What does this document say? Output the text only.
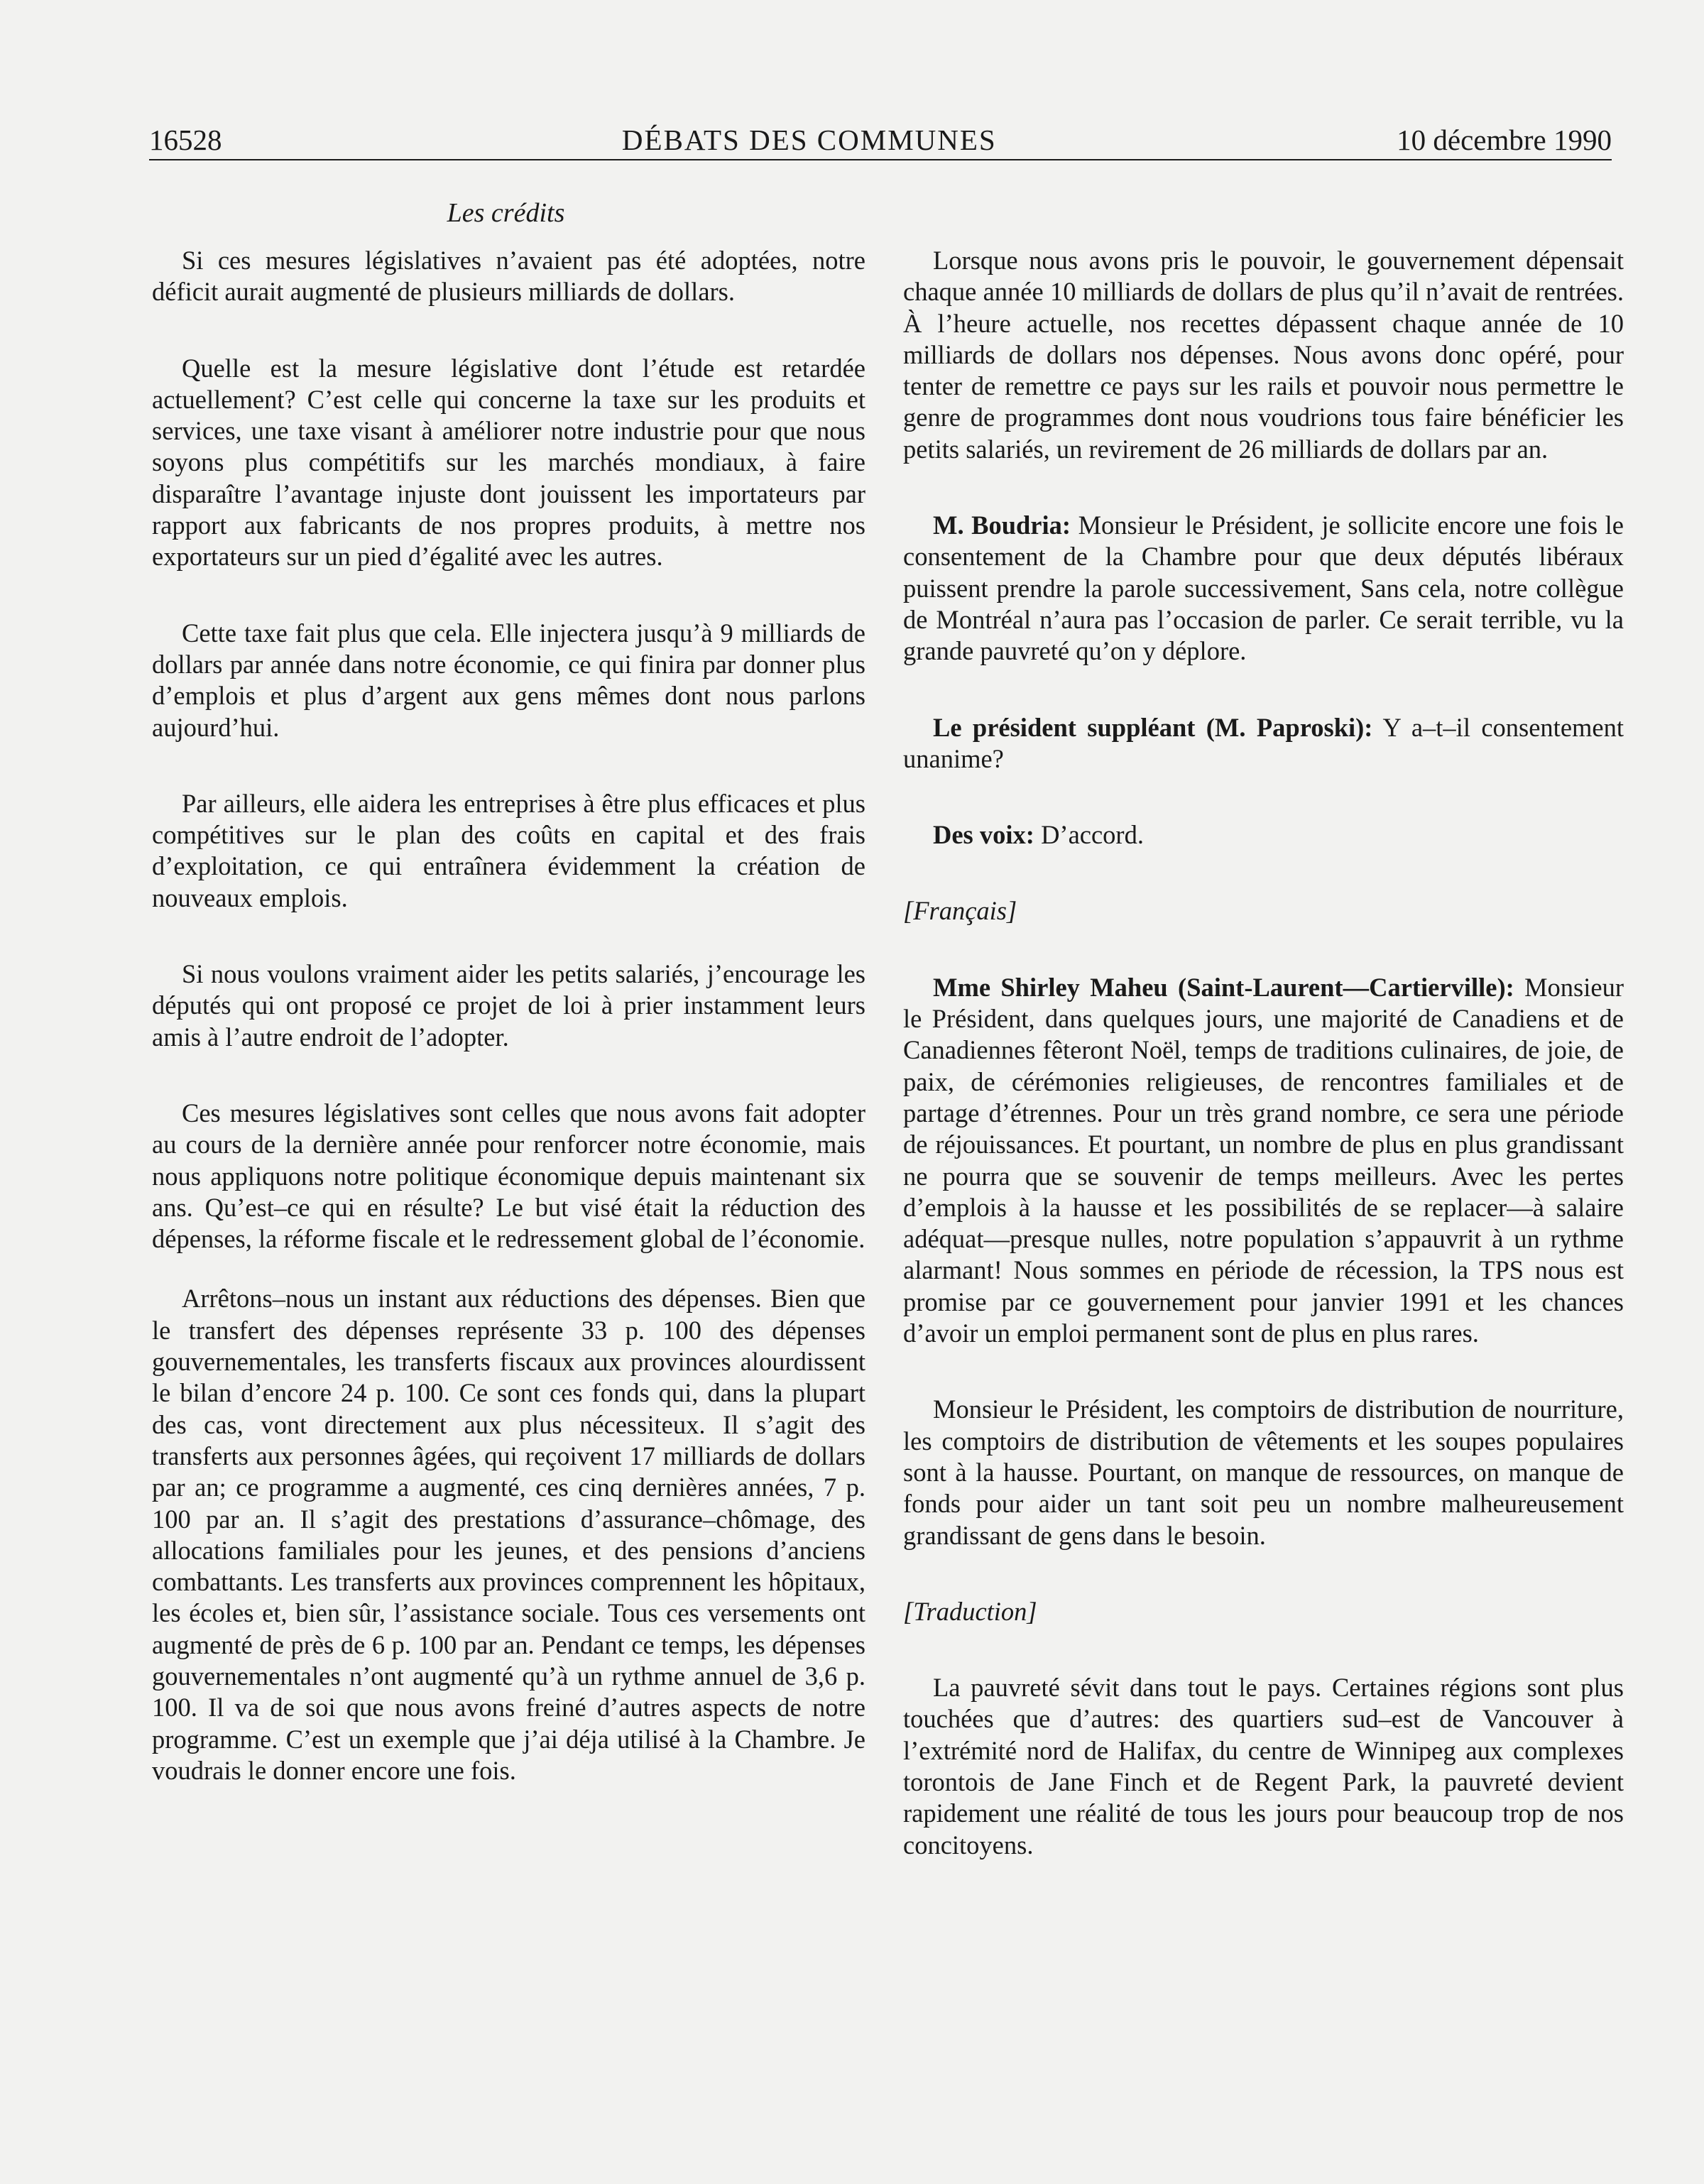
16528	DÉBATS DES COMMUNES	10 décembre 1990
Les crédits

Si ces mesures législatives n’avaient pas été adoptées, notre déficit aurait augmenté de plusieurs milliards de dollars.

Quelle est la mesure législative dont l’étude est retardée actuellement? C’est celle qui concerne la taxe sur les produits et services, une taxe visant à améliorer notre industrie pour que nous soyons plus compétitifs sur les marchés mondiaux, à faire disparaître l’avantage injuste dont jouissent les importateurs par rapport aux fabricants de nos propres produits, à mettre nos exportateurs sur un pied d’égalité avec les autres.

Cette taxe fait plus que cela. Elle injectera jusqu’à 9 milliards de dollars par année dans notre économie, ce qui finira par donner plus d’emplois et plus d’argent aux gens mêmes dont nous parlons aujourd’hui.

Par ailleurs, elle aidera les entreprises à être plus efficaces et plus compétitives sur le plan des coûts en capital et des frais d’exploitation, ce qui entraînera évidemment la création de nouveaux emplois.

Si nous voulons vraiment aider les petits salariés, j’encourage les députés qui ont proposé ce projet de loi à prier instamment leurs amis à l’autre endroit de l’adopter.

Ces mesures législatives sont celles que nous avons fait adopter au cours de la dernière année pour renforcer notre économie, mais nous appliquons notre politique économique depuis maintenant six ans. Qu’est–ce qui en résulte? Le but visé était la réduction des dépenses, la réforme fiscale et le redressement global de l’économie.

Arrêtons–nous un instant aux réductions des dépenses. Bien que le transfert des dépenses représente 33 p. 100 des dépenses gouvernementales, les transferts fiscaux aux provinces alourdissent le bilan d’encore 24 p. 100. Ce sont ces fonds qui, dans la plupart des cas, vont directement aux plus nécessiteux. Il s’agit des transferts aux personnes âgées, qui reçoivent 17 milliards de dollars par an; ce programme a augmenté, ces cinq dernières années, 7 p. 100 par an. Il s’agit des prestations d’assurance–chômage, des allocations familiales pour les jeunes, et des pensions d’anciens combattants. Les transferts aux provinces comprennent les hôpitaux, les écoles et, bien sûr, l’assistance sociale. Tous ces versements ont augmenté de près de 6 p. 100 par an. Pendant ce temps, les dépenses gouvernementales n’ont augmenté qu’à un rythme annuel de 3,6 p. 100. Il va de soi que nous avons freiné d’autres aspects de notre programme. C’est un exemple que j’ai déja utilisé à la Chambre. Je voudrais le donner encore une fois.

Lorsque nous avons pris le pouvoir, le gouvernement dépensait chaque année 10 milliards de dollars de plus qu’il n’avait de rentrées. À l’heure actuelle, nos recettes dépassent chaque année de 10 milliards de dollars nos dépenses. Nous avons donc opéré, pour tenter de remettre ce pays sur les rails et pouvoir nous permettre le genre de programmes dont nous voudrions tous faire bénéficier les petits salariés, un revirement de 26 milliards de dollars par an.

M. Boudria: Monsieur le Président, je sollicite encore une fois le consentement de la Chambre pour que deux députés libéraux puissent prendre la parole successivement, Sans cela, notre collègue de Montréal n’aura pas l’occasion de parler. Ce serait terrible, vu la grande pauvreté qu’on y déplore.

Le président suppléant (M. Paproski): Y a–t–il consentement unanime?

Des voix: D’accord.

[Français]

Mme Shirley Maheu (Saint-Laurent—Cartierville): Monsieur le Président, dans quelques jours, une majorité de Canadiens et de Canadiennes fêteront Noël, temps de traditions culinaires, de joie, de paix, de cérémonies religieuses, de rencontres familiales et de partage d’étrennes. Pour un très grand nombre, ce sera une période de réjouissances. Et pourtant, un nombre de plus en plus grandissant ne pourra que se souvenir de temps meilleurs. Avec les pertes d’emplois à la hausse et les possibilités de se replacer—à salaire adéquat—presque nulles, notre population s’appauvrit à un rythme alarmant! Nous sommes en période de récession, la TPS nous est promise par ce gouvernement pour janvier 1991 et les chances d’avoir un emploi permanent sont de plus en plus rares.

Monsieur le Président, les comptoirs de distribution de nourriture, les comptoirs de distribution de vêtements et les soupes populaires sont à la hausse. Pourtant, on manque de ressources, on manque de fonds pour aider un tant soit peu un nombre malheureusement grandissant de gens dans le besoin.

[Traduction]

La pauvreté sévit dans tout le pays. Certaines régions sont plus touchées que d’autres: des quartiers sud–est de Vancouver à l’extrémité nord de Halifax, du centre de Winnipeg aux complexes torontois de Jane Finch et de Regent Park, la pauvreté devient rapidement une réalité de tous les jours pour beaucoup trop de nos concitoyens.
